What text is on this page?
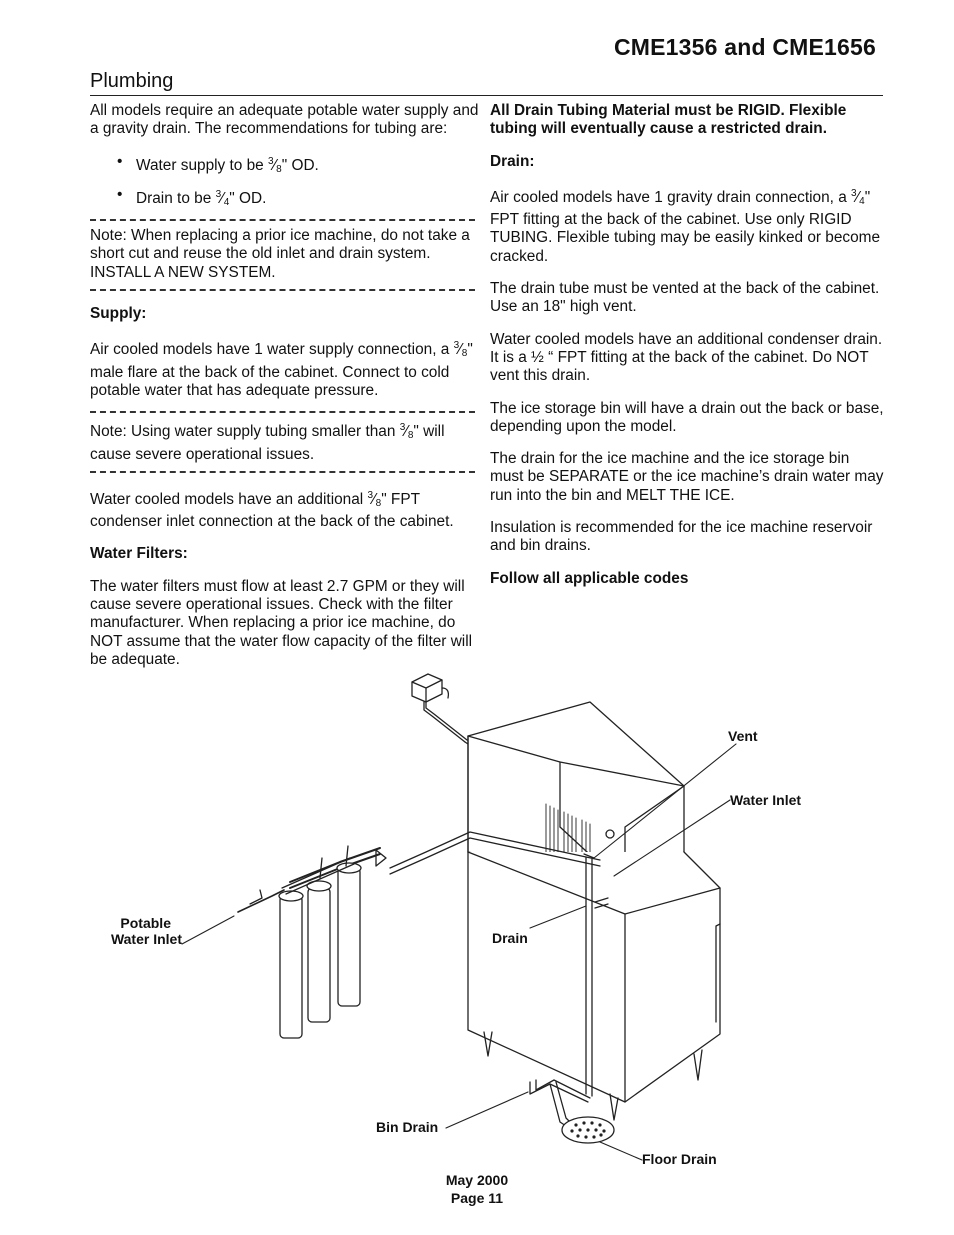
CME1356 and CME1656
Plumbing

All models require an adequate potable water supply and a gravity drain. The recommendations for tubing are:

• Water supply to be $^3⁄_8$" OD.
• Drain to be $^3⁄_4$" OD.
Note: When replacing a prior ice machine, do not take a short cut and reuse the old inlet and drain system. INSTALL A NEW SYSTEM.

Supply:

Air cooled models have 1 water supply connection, a $^3⁄_8$" male flare at the back of the cabinet. Connect to cold potable water that has adequate pressure.

Note: Using water supply tubing smaller than $^3⁄_8$" will cause severe operational issues.

Water cooled models have an additional $^3⁄_8$" FPT condenser inlet connection at the back of the cabinet.

Water Filters:

The water filters must flow at least 2.7 GPM or they will cause severe operational issues. Check with the filter manufacturer. When replacing a prior ice machine, do NOT assume that the water flow capacity of the filter will be adequate.

All Drain Tubing Material must be RIGID. Flexible tubing will eventually cause a restricted drain.

Drain:

Air cooled models have 1 gravity drain connection, a $^3⁄_4$" FPT fitting at the back of the cabinet. Use only RIGID TUBING. Flexible tubing may be easily kinked or become cracked.

The drain tube must be vented at the back of the cabinet. Use an 18" high vent.

Water cooled models have an additional condenser drain. It is a ½ “ FPT fitting at the back of the cabinet. Do NOT vent this drain.

The ice storage bin will have a drain out the back or base, depending upon the model.

The drain for the ice machine and the ice storage bin must be SEPARATE or the ice machine’s drain water may run into the bin and MELT THE ICE.

Insulation is recommended for the ice machine reservoir and bin drains.

Follow all applicable codes

Vent
Water Inlet
Potable
Water Inlet	Drain
Bin Drain
Floor Drain
May 2000
Page 11
